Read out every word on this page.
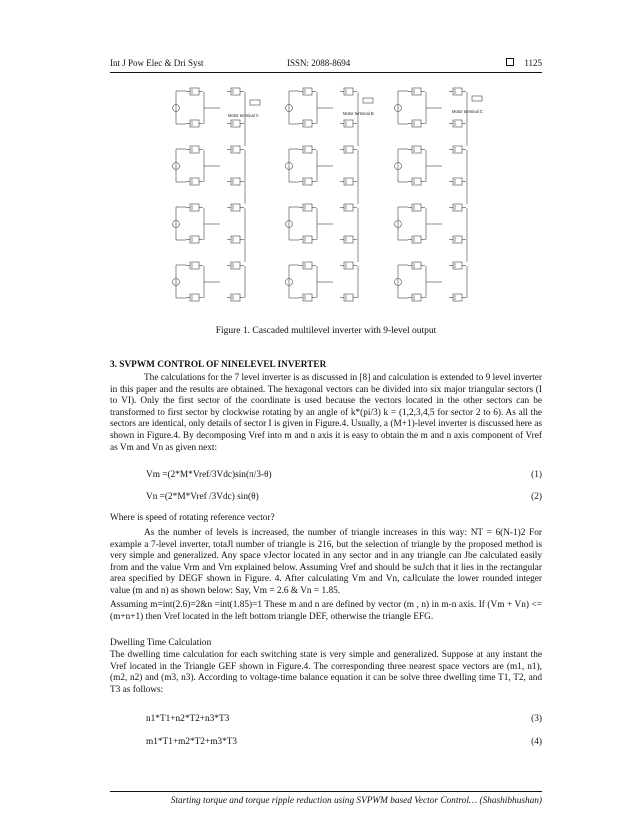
Int J Pow Elec & Dri Syst	ISSN: 2088-8694	1125
Motor terminal A	Motor terminal B	Motor terminal C
Figure 1. Cascaded multilevel inverter with 9-level output
3. SVPWM CONTROL OF NINELEVEL INVERTER
The calculations for the 7 level inverter is as discussed in [8] and calculation is extended to 9 level inverter in this paper and the results are obtained. The hexagonal vectors can be divided into six major triangular sectors (I to VI). Only the first sector of the coordinate is used because the vectors located in the other sectors can be transformed to first sector by clockwise rotating by an angle of k*(pi/3) k = (1,2,3,4,5 for sector 2 to 6). As all the sectors are identical, only details of sector I is given in Figure.4. Usually, a (M+1)-level inverter is discussed here as shown in Figure.4. By decomposing Vref into m and n axis it is easy to obtain the m and n axis component of Vref as Vm and Vn as given next:
Vm =(2*M*Vref/3Vdc)sin(π/3-θ)	(1)
Vn =(2*M*Vref /3Vdc) sin(θ)	(2)
Where is speed of rotating reference vector?
As the number of levels is increased, the number of triangle increases in this way: NT = 6(N-1)2 For example a 7-level inverter, totaJl number of triangle is 216, but the selection of triangle by the proposed method is very simple and generalized. Any space vJector located in any sector and in any triangle can Jbe calculated easily from and the value Vrm and Vrn explained below. Assuming Vref and should be suJch that it lies in the rectangular area specified by DEGF shown in Figure. 4. After calculating Vm and Vn, caJlculate the lower rounded integer value (m and n) as shown below: Say, Vm = 2.6 & Vn = 1.85.
Assuming m=int(2.6)=2&n =int(1.85)=1 These m and n are defined by vector (m , n) in m-n axis. If (Vm + Vn) <= (m+n+1) then Vref located in the left bottom triangle DEF, otherwise the triangle EFG.
Dwelling Time Calculation
The dwelling time calculation for each switching state is very simple and generalized. Suppose at any instant the Vref located in the Triangle GEF shown in Figure.4. The corresponding three nearest space vectors are (m1, n1), (m2, n2) and (m3, n3). According to voltage-time balance equation it can be solve three dwelling time T1, T2, and T3 as follows:
n1*T1+n2*T2+n3*T3	(3)
m1*T1+m2*T2+m3*T3	(4)
Starting torque and torque ripple reduction using SVPWM based Vector Control… (Shashibhushan)
